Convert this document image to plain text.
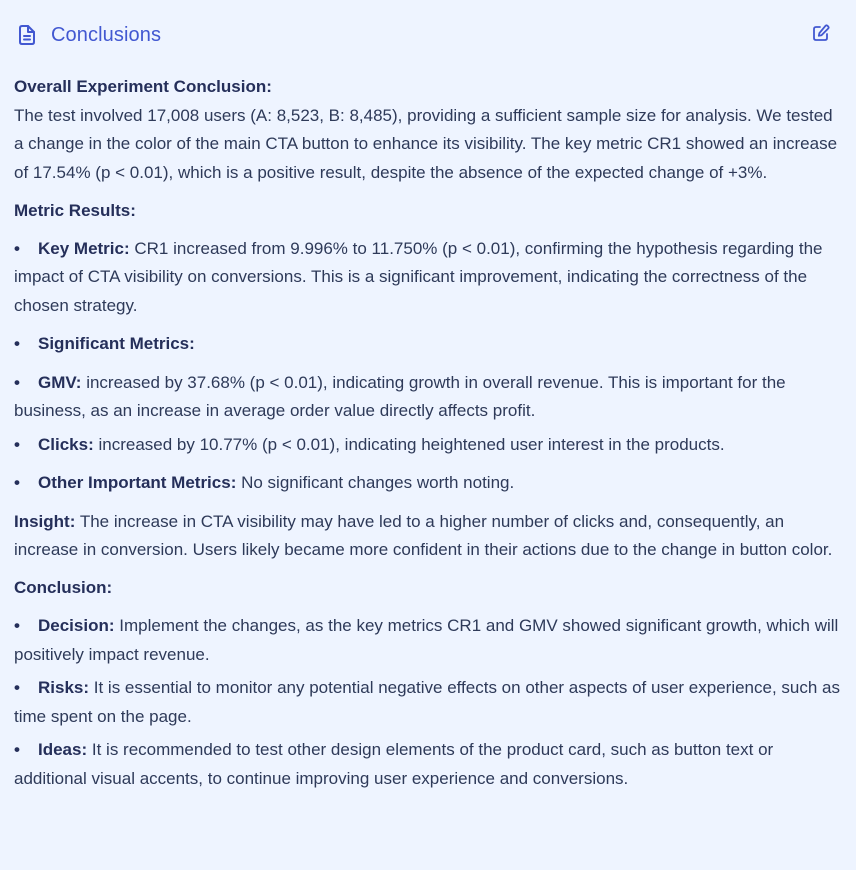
Conclusions
Overall Experiment Conclusion:

The test involved 17,008 users (A: 8,523, B: 8,485), providing a sufficient sample size for analysis. We tested a change in the color of the main CTA button to enhance its visibility. The key metric CR1 showed an increase of 17.54% (p < 0.01), which is a positive result, despite the absence of the expected change of +3%.

Metric Results:
• Key Metric: CR1 increased from 9.996% to 11.750% (p < 0.01), confirming the hypothesis regarding the impact of CTA visibility on conversions. This is a significant improvement, indicating the correctness of the chosen strategy.
• Significant Metrics:
• GMV: increased by 37.68% (p < 0.01), indicating growth in overall revenue. This is important for the business, as an increase in average order value directly affects profit.
• Clicks: increased by 10.77% (p < 0.01), indicating heightened user interest in the products.
• Other Important Metrics: No significant changes worth noting.

Insight: The increase in CTA visibility may have led to a higher number of clicks and, consequently, an increase in conversion. Users likely became more confident in their actions due to the change in button color.

Conclusion:
• Decision: Implement the changes, as the key metrics CR1 and GMV showed significant growth, which will positively impact revenue.
• Risks: It is essential to monitor any potential negative effects on other aspects of user experience, such as time spent on the page.
• Ideas: It is recommended to test other design elements of the product card, such as button text or additional visual accents, to continue improving user experience and conversions.
